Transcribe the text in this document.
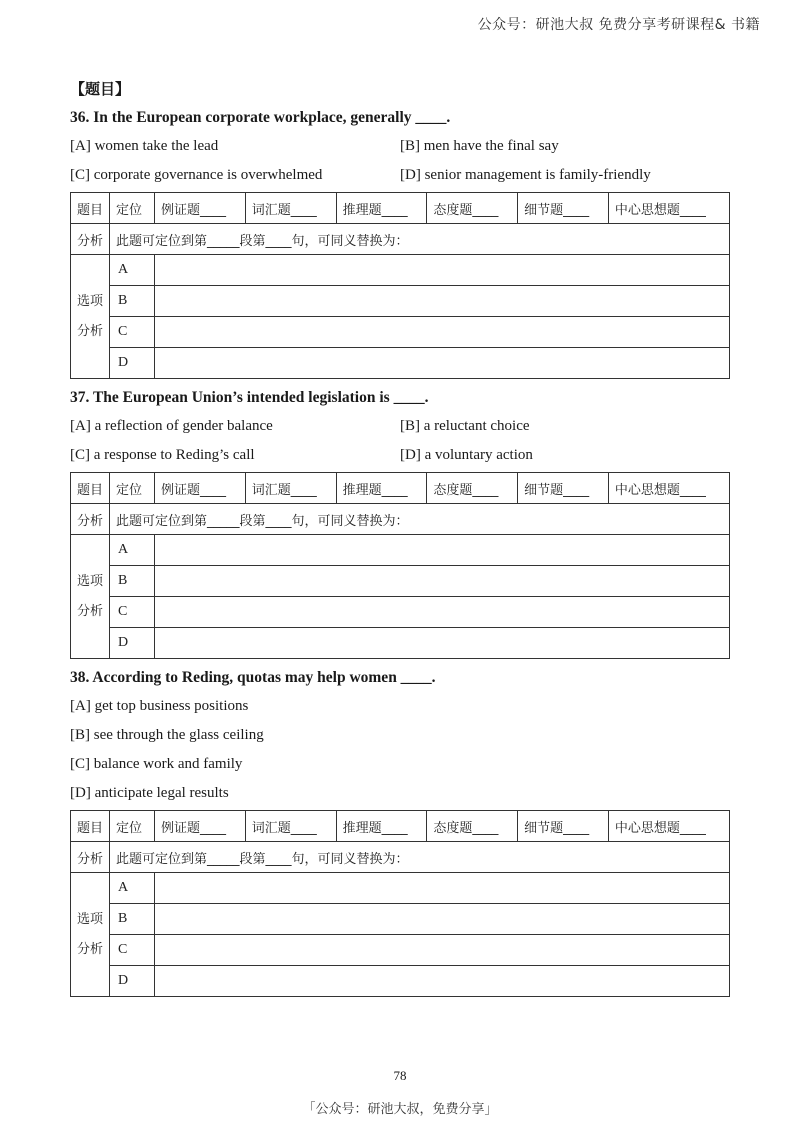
公众号：研池大叔 免费分享考研课程& 书籍
【题目】
36. In the European corporate workplace, generally ____.
[A] women take the lead	[B] men have the final say
[C] corporate governance is overwhelmed	[D] senior management is family-friendly
题目	定位	例证题____	词汇题____	推理题____	态度题____	细节题____	中心思想题____
分析	此题可定位到第_____段第____句，可同义替换为：						
选项
分析	A						
	B						
	C						
	D						
37. The European Union’s intended legislation is ____.
[A] a reflection of gender balance	[B] a reluctant choice
[C] a response to Reding’s call	[D] a voluntary action
题目	定位	例证题____	词汇题____	推理题____	态度题____	细节题____	中心思想题____
分析	此题可定位到第_____段第____句，可同义替换为：						
选项
分析	A						
	B						
	C						
	D						
38. According to Reding, quotas may help women ____.
[A] get top business positions
[B] see through the glass ceiling
[C] balance work and family
[D] anticipate legal results
题目	定位	例证题____	词汇题____	推理题____	态度题____	细节题____	中心思想题____
分析	此题可定位到第_____段第____句，可同义替换为：						
选项
分析	A						
	B						
	C						
	D						
78
「公众号：研池大叔，免费分享」
